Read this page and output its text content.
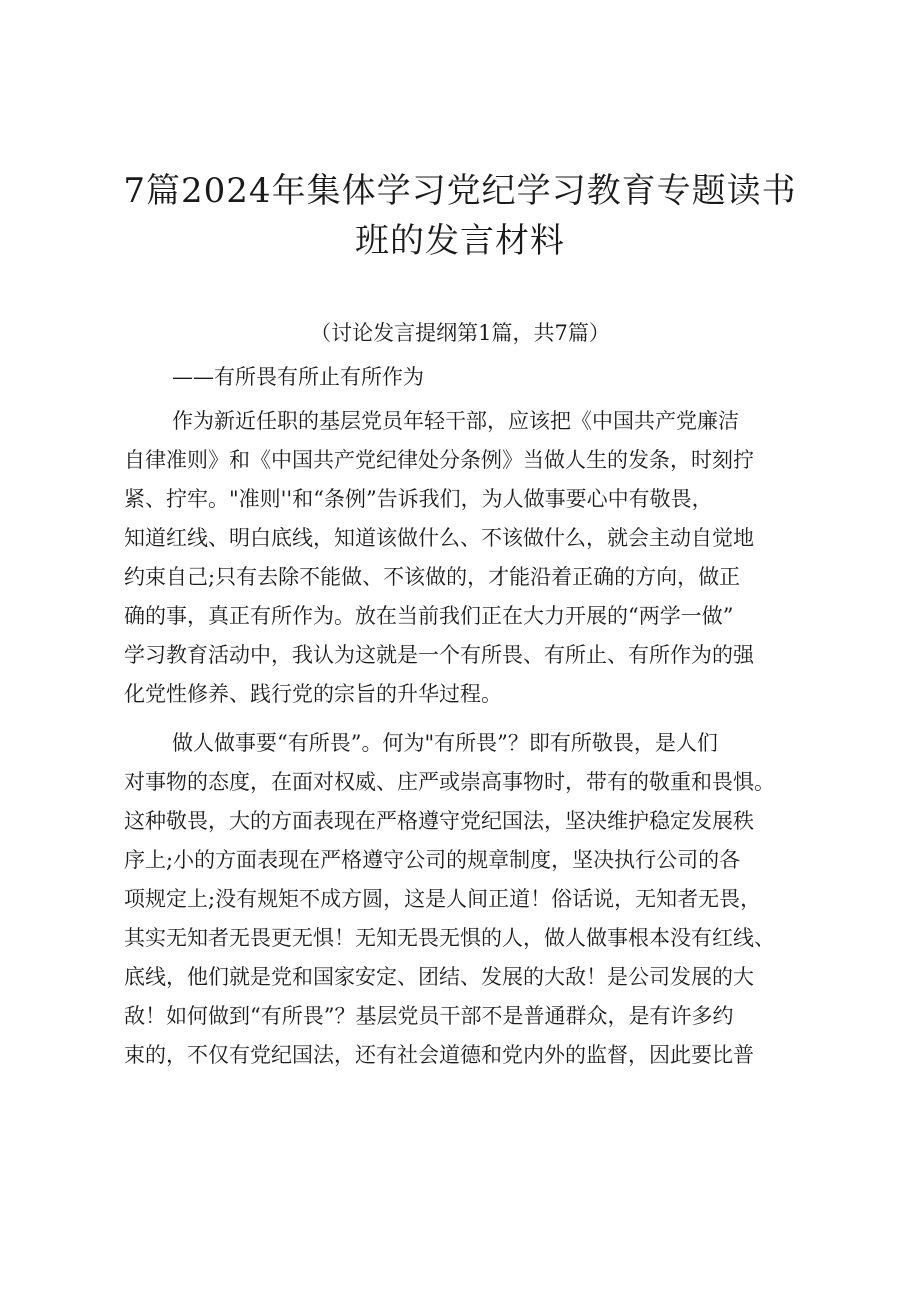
7篇2024年集体学习党纪学习教育专题读书
班的发言材料

（讨论发言提纲第1篇，共7篇）

——有所畏有所止有所作为

作为新近任职的基层党员年轻干部，应该把《中国共产党廉洁
自律准则》和《中国共产党纪律处分条例》当做人生的发条，时刻拧
紧、拧牢。"准则''和“条例”告诉我们，为人做事要心中有敬畏，
知道红线、明白底线，知道该做什么、不该做什么，就会主动自觉地
约束自己;只有去除不能做、不该做的，才能沿着正确的方向，做正
确的事，真正有所作为。放在当前我们正在大力开展的“两学一做”
学习教育活动中，我认为这就是一个有所畏、有所止、有所作为的强
化党性修养、践行党的宗旨的升华过程。
做人做事要“有所畏”。何为"有所畏”？即有所敬畏，是人们
对事物的态度，在面对权威、庄严或崇高事物时，带有的敬重和畏惧。
这种敬畏，大的方面表现在严格遵守党纪国法，坚决维护稳定发展秩
序上;小的方面表现在严格遵守公司的规章制度，坚决执行公司的各
项规定上;没有规矩不成方圆，这是人间正道！俗话说，无知者无畏，
其实无知者无畏更无惧！无知无畏无惧的人，做人做事根本没有红线、
底线，他们就是党和国家安定、团结、发展的大敌！是公司发展的大
敌！如何做到“有所畏”？基层党员干部不是普通群众，是有许多约
束的，不仅有党纪国法，还有社会道德和党内外的监督，因此要比普
